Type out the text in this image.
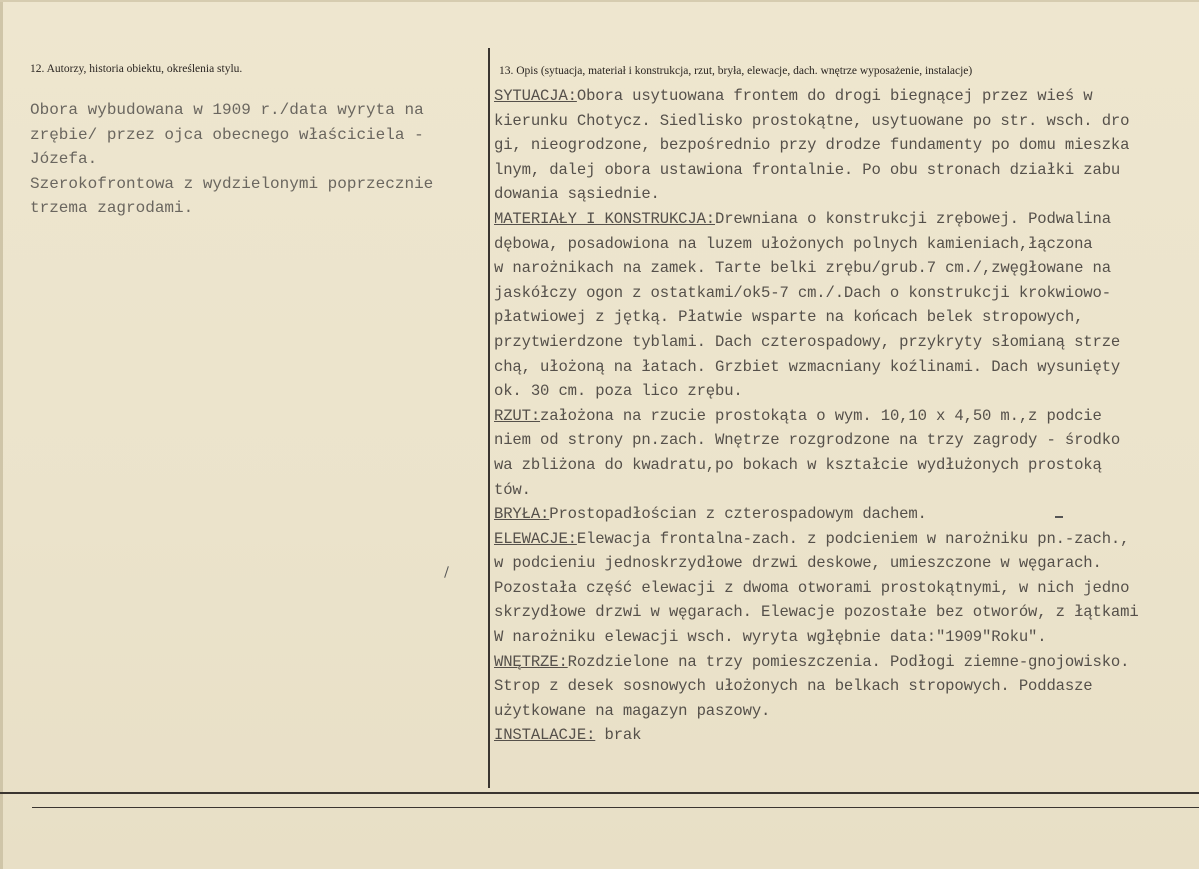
12. Autorzy, historia obiektu, określenia stylu.	13. Opis (sytuacja, materiał i konstrukcja, rzut, bryła, elewacje, dach. wnętrze wyposażenie, instalacje)
Obora wybudowana w 1909 r./data wyryta na
zrębie/ przez ojca obecnego właściciela -
Józefa.
Szerokofrontowa z wydzielonymi poprzecznie
trzema zagrodami.
SYTUACJA:Obora usytuowana frontem do drogi biegnącej przez wieś w
kierunku Chotycz. Siedlisko prostokątne, usytuowane po str. wsch. dro
gi, nieogrodzone, bezpośrednio przy drodze fundamenty po domu mieszka
lnym, dalej obora ustawiona frontalnie. Po obu stronach działki zabu
dowania sąsiednie.
MATERIAŁY I KONSTRUKCJA:Drewniana o konstrukcji zrębowej. Podwalina
dębowa, posadowiona na luzem ułożonych polnych kamieniach,łączona
w narożnikach na zamek. Tarte belki zrębu/grub.7 cm./,zwęgłowane na
jaskółczy ogon z ostatkami/ok5-7 cm./.Dach o konstrukcji krokwiowo-
płatwiowej z jętką. Płatwie wsparte na końcach belek stropowych,
przytwierdzone tyblami. Dach czterospadowy, przykryty słomianą strze
chą, ułożoną na łatach. Grzbiet wzmacniany koźlinami. Dach wysunięty
ok. 30 cm. poza lico zrębu.
RZUT:założona na rzucie prostokąta o wym. 10,10 x 4,50 m.,z podcie
niem od strony pn.zach. Wnętrze rozgrodzone na trzy zagrody - środko
wa zbliżona do kwadratu,po bokach w kształcie wydłużonych prostoką
tów.
BRYŁA:Prostopadłościan z czterospadowym dachem.
ELEWACJE:Elewacja frontalna-zach. z podcieniem w narożniku pn.-zach.,
w podcieniu jednoskrzydłowe drzwi deskowe, umieszczone w węgarach.
Pozostała część elewacji z dwoma otworami prostokątnymi, w nich jedno
skrzydłowe drzwi w węgarach. Elewacje pozostałe bez otworów, z łątkami
W narożniku elewacji wsch. wyryta wgłębnie data:"1909"Roku".
WNĘTRZE:Rozdzielone na trzy pomieszczenia. Podłogi ziemne-gnojowisko.
Strop z desek sosnowych ułożonych na belkach stropowych. Poddasze
użytkowane na magazyn paszowy.
INSTALACJE: brak
